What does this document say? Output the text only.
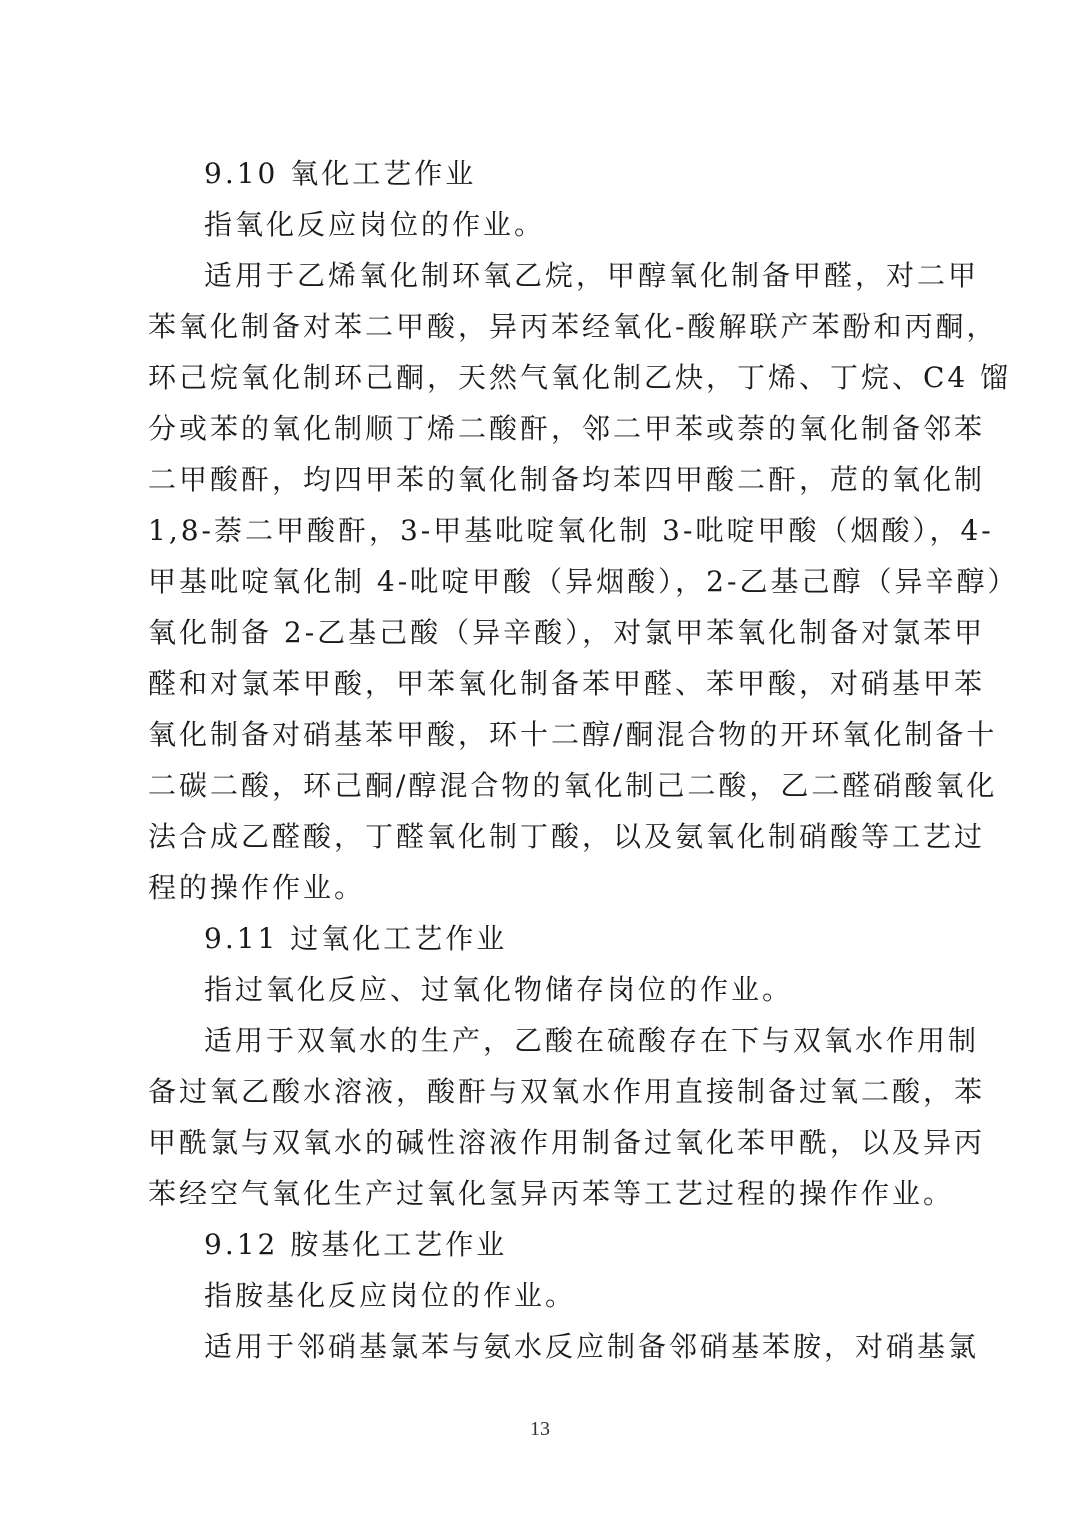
9.10 氧化工艺作业
指氧化反应岗位的作业。
适用于乙烯氧化制环氧乙烷，甲醇氧化制备甲醛，对二甲
苯氧化制备对苯二甲酸，异丙苯经氧化-酸解联产苯酚和丙酮，
环己烷氧化制环己酮，天然气氧化制乙炔，丁烯、丁烷、C4 馏
分或苯的氧化制顺丁烯二酸酐，邻二甲苯或萘的氧化制备邻苯
二甲酸酐，均四甲苯的氧化制备均苯四甲酸二酐，苊的氧化制
1,8-萘二甲酸酐，3-甲基吡啶氧化制 3-吡啶甲酸（烟酸），4-
甲基吡啶氧化制 4-吡啶甲酸（异烟酸），2-乙基己醇（异辛醇）
氧化制备 2-乙基己酸（异辛酸），对氯甲苯氧化制备对氯苯甲
醛和对氯苯甲酸，甲苯氧化制备苯甲醛、苯甲酸，对硝基甲苯
氧化制备对硝基苯甲酸，环十二醇/酮混合物的开环氧化制备十
二碳二酸，环己酮/醇混合物的氧化制己二酸，乙二醛硝酸氧化
法合成乙醛酸，丁醛氧化制丁酸，以及氨氧化制硝酸等工艺过
程的操作作业。
9.11 过氧化工艺作业
指过氧化反应、过氧化物储存岗位的作业。
适用于双氧水的生产，乙酸在硫酸存在下与双氧水作用制
备过氧乙酸水溶液，酸酐与双氧水作用直接制备过氧二酸，苯
甲酰氯与双氧水的碱性溶液作用制备过氧化苯甲酰，以及异丙
苯经空气氧化生产过氧化氢异丙苯等工艺过程的操作作业。
9.12 胺基化工艺作业
指胺基化反应岗位的作业。
适用于邻硝基氯苯与氨水反应制备邻硝基苯胺，对硝基氯
13
